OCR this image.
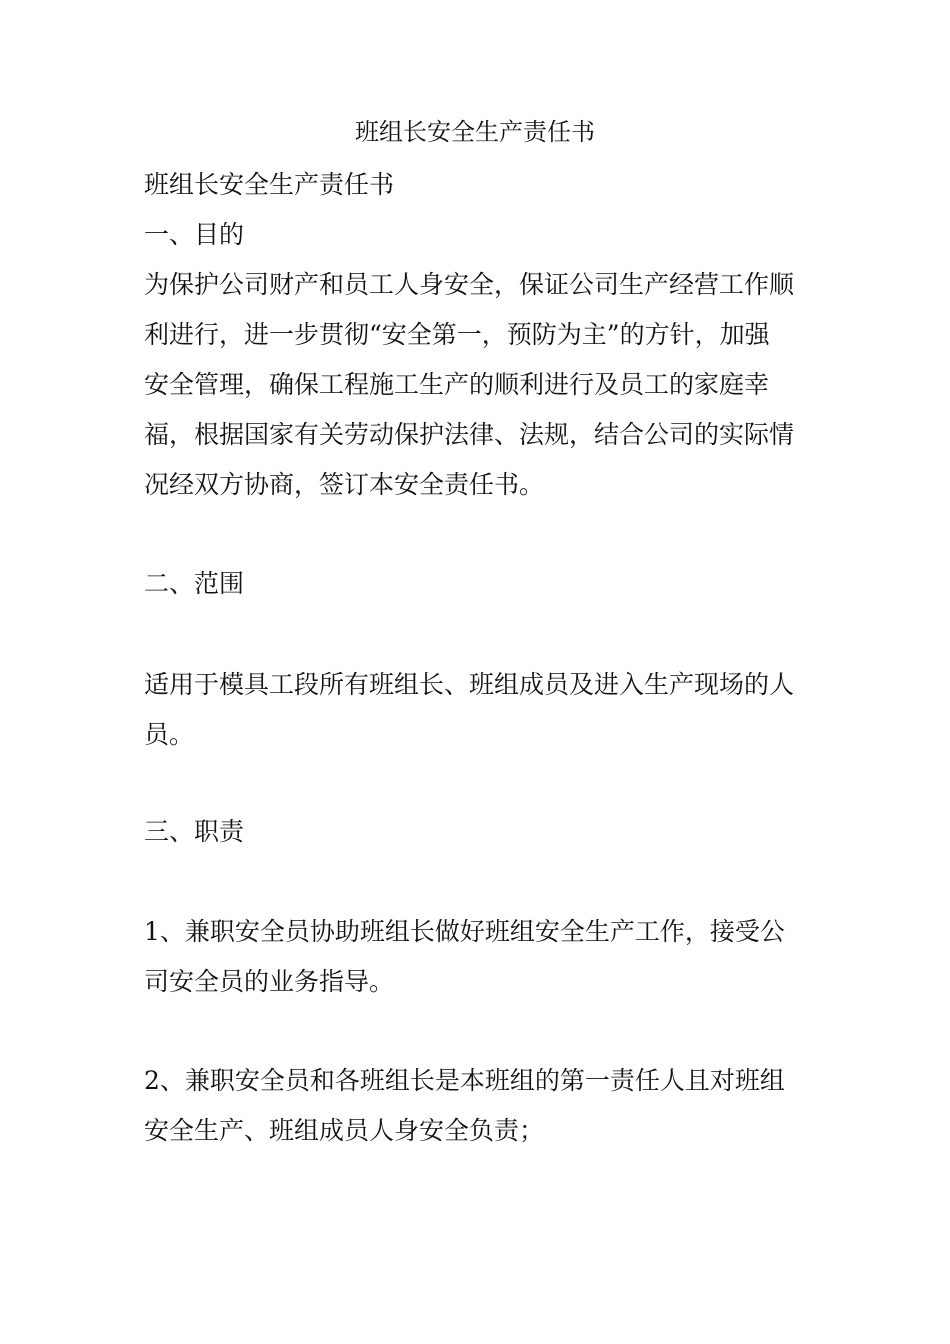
班组长安全生产责任书

班组长安全生产责任书

一、目的

为保护公司财产和员工人身安全，保证公司生产经营工作顺
利进行，进一步贯彻“安全第一，预防为主”的方针，加强
安全管理，确保工程施工生产的顺利进行及员工的家庭幸
福，根据国家有关劳动保护法律、法规，结合公司的实际情
况经双方协商，签订本安全责任书。

二、范围

适用于模具工段所有班组长、班组成员及进入生产现场的人
员。

三、职责

1、兼职安全员协助班组长做好班组安全生产工作，接受公
司安全员的业务指导。

2、兼职安全员和各班组长是本班组的第一责任人且对班组
安全生产、班组成员人身安全负责；
